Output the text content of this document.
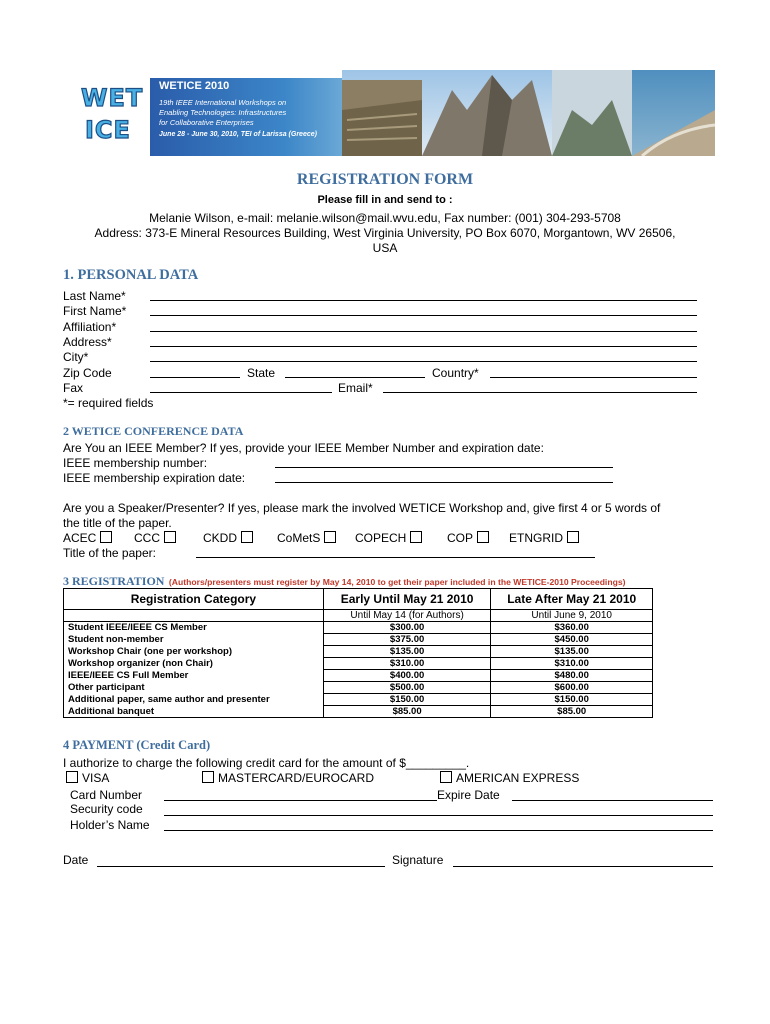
WET
ICE
WETICE 2010
19th IEEE International Workshops on
Enabling Technologies: Infrastructures
for Collaborative Enterprises
June 28 - June 30, 2010, TEI of Larissa (Greece)
REGISTRATION FORM
Please fill in and send to :
Melanie Wilson, e-mail: melanie.wilson@mail.wvu.edu, Fax number: (001) 304-293-5708
Address: 373-E Mineral Resources Building, West Virginia University, PO Box 6070, Morgantown, WV 26506,
USA
1. PERSONAL DATA
Last Name*
First Name*
Affiliation*
Address*
City*
Zip Code	State	Country*
Fax	Email*
*= required fields
2 WETICE CONFERENCE DATA
Are You an IEEE Member? If yes, provide your IEEE Member Number and expiration date:
IEEE membership number:
IEEE membership expiration date:
Are you a Speaker/Presenter? If yes, please mark the involved WETICE Workshop and, give first 4 or 5 words of
the title of the paper.
ACEC	CCC	CKDD	CoMetS	COPECH	COP	ETNGRID
Title of the paper:
3 REGISTRATION (Authors/presenters must register by May 14, 2010 to get their paper included in the WETICE-2010 Proceedings)
Registration Category	Early Until May 21 2010	Late After May 21 2010
	Until May 14 (for Authors)	Until June 9, 2010
Student IEEE/IEEE CS Member	$300.00	$360.00
Student non-member	$375.00	$450.00
Workshop Chair (one per workshop)	$135.00	$135.00
Workshop organizer (non Chair)	$310.00	$310.00
IEEE/IEEE CS Full Member	$400.00	$480.00
Other participant	$500.00	$600.00
Additional paper, same author and presenter	$150.00	$150.00
Additional banquet	$85.00	$85.00
4 PAYMENT (Credit Card)
I authorize to charge the following credit card for the amount of $_________.
VISA	MASTERCARD/EUROCARD	AMERICAN EXPRESS
Card Number	Expire Date
Security code
Holder’s Name
Date	Signature
